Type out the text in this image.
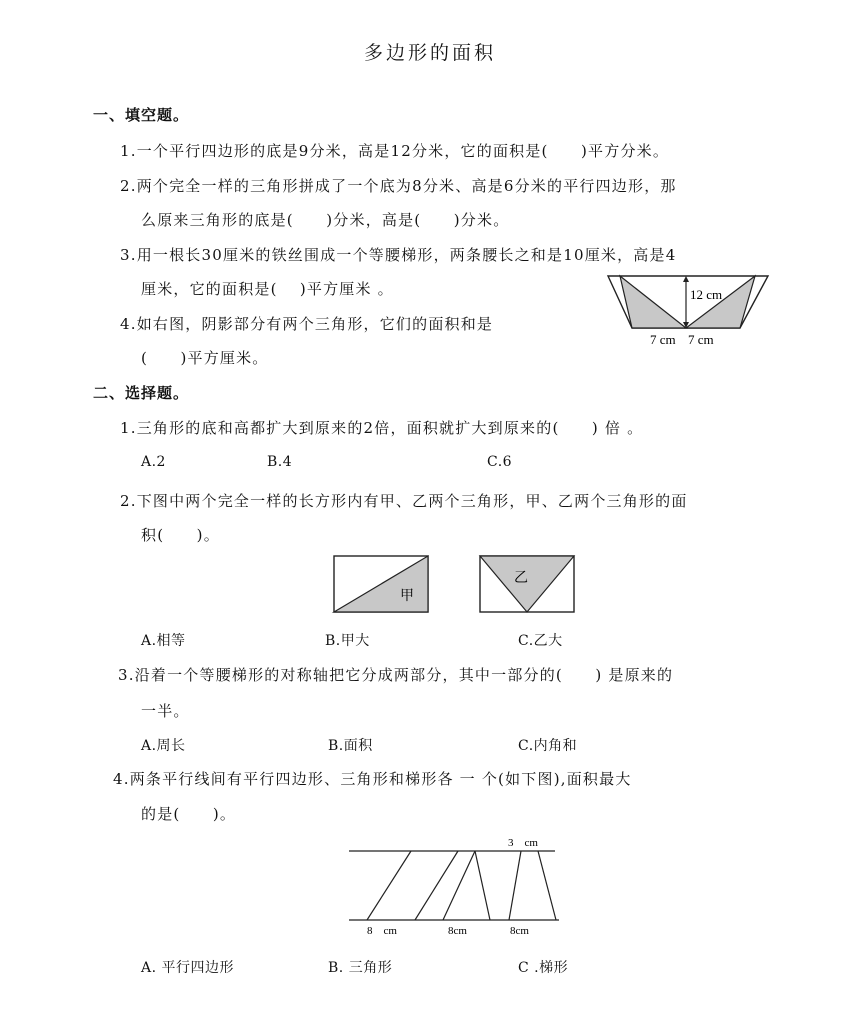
多边形的面积
一、填空题。
1.一个平行四边形的底是9分米，高是12分米，它的面积是(　　)平方分米。
2.两个完全一样的三角形拼成了一个底为8分米、高是6分米的平行四边形，那
么原来三角形的底是(　　)分米，高是(　　)分米。
3.用一根长30厘米的铁丝围成一个等腰梯形，两条腰长之和是10厘米，高是4
厘米，它的面积是(　 )平方厘米 。
4.如右图，阴影部分有两个三角形，它们的面积和是
(　　)平方厘米。
12 cm
7 cm 7 cm
二、选择题。
1.三角形的底和高都扩大到原来的2倍，面积就扩大到原来的(　　) 倍 。
A.2	B.4	C.6
2.下图中两个完全一样的长方形内有甲、乙两个三角形，甲、乙两个三角形的面
积(　　)。
甲
乙
A.相等	B.甲大	C.乙大
3.沿着一个等腰梯形的对称轴把它分成两部分，其中一部分的(　　) 是原来的
一半。
A.周长	B.面积	C.内角和
4.两条平行线间有平行四边形、三角形和梯形各 一 个(如下图),面积最大
的是(　　)。
3　cm
8　cm	8cm	8cm
A. 平行四边形	B. 三角形	C .梯形
